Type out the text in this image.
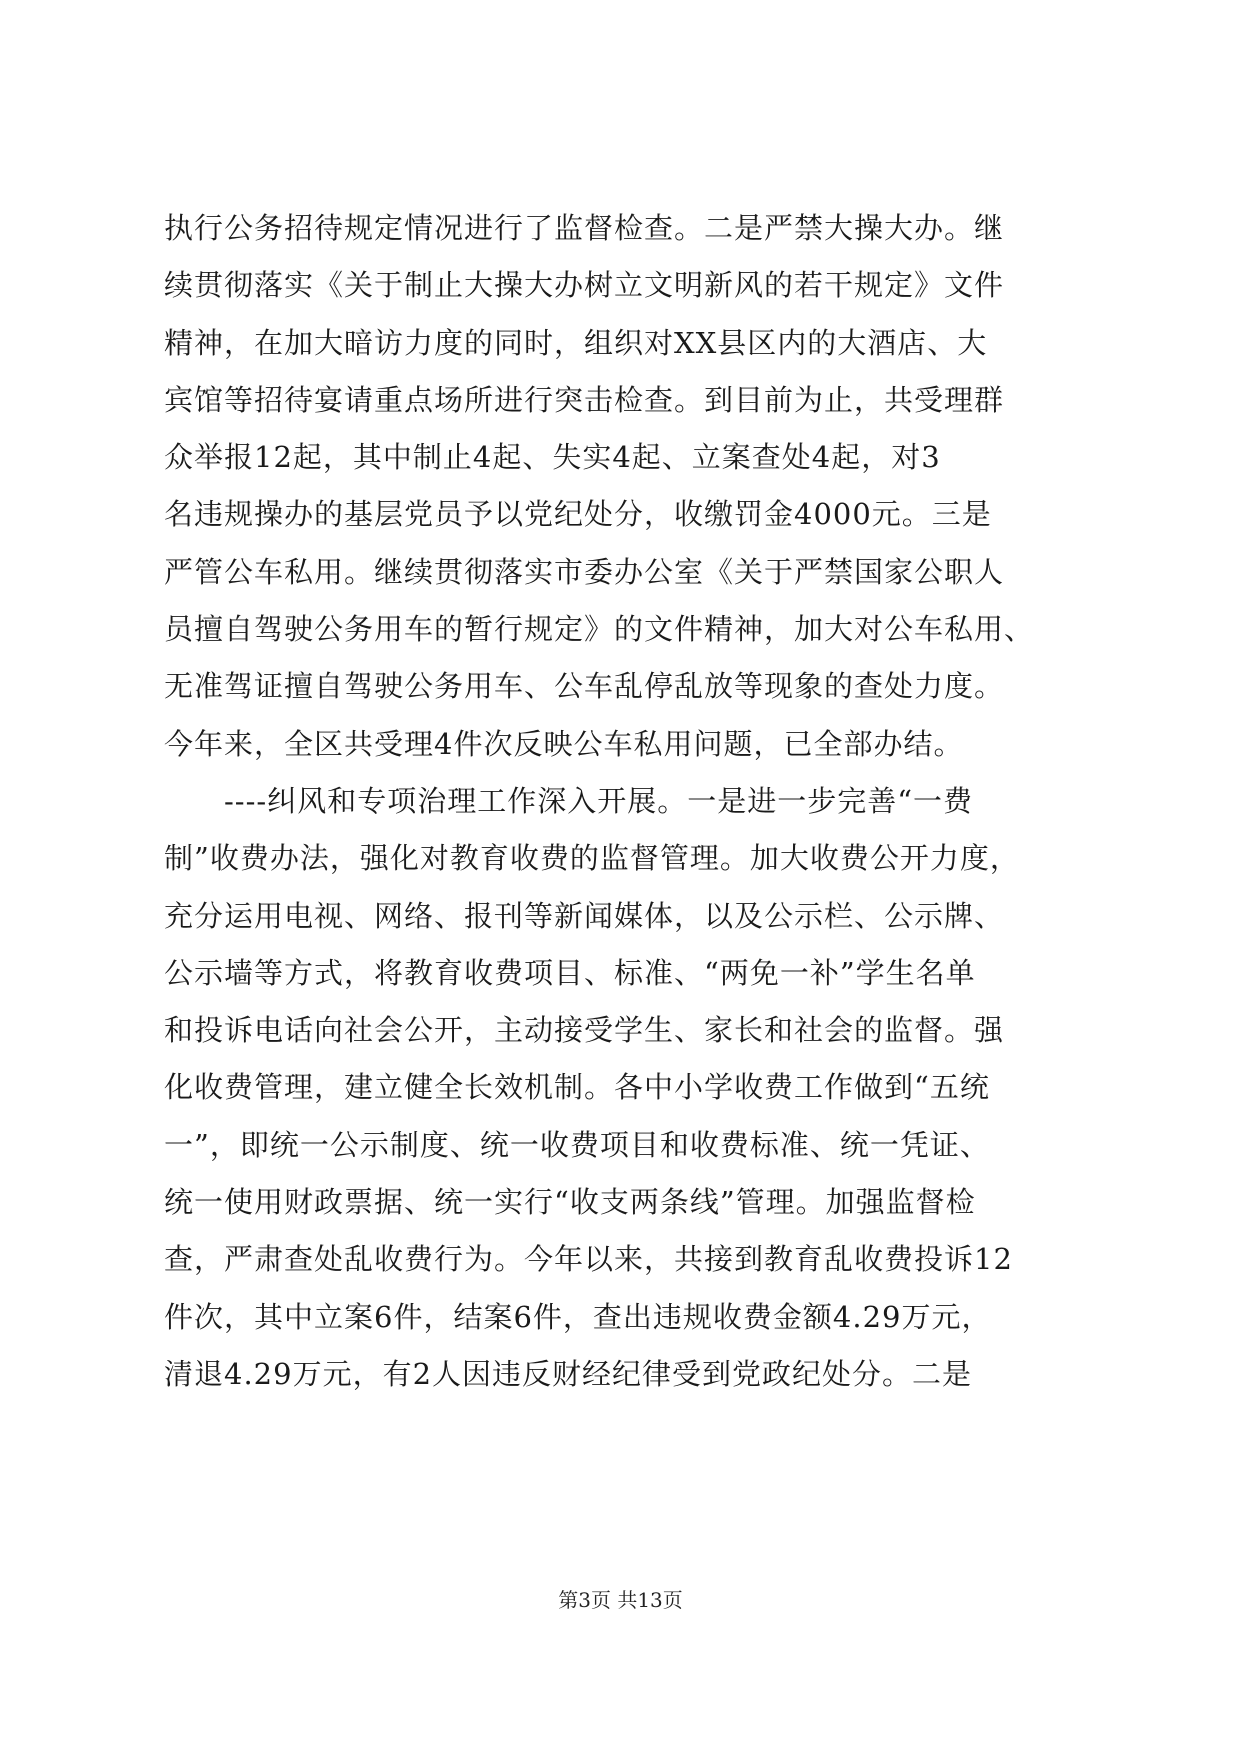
执行公务招待规定情况进行了监督检查。二是严禁大操大办。继
续贯彻落实《关于制止大操大办树立文明新风的若干规定》文件
精神，在加大暗访力度的同时，组织对XX县区内的大酒店、大
宾馆等招待宴请重点场所进行突击检查。到目前为止，共受理群
众举报12起，其中制止4起、失实4起、立案查处4起，对3
名违规操办的基层党员予以党纪处分，收缴罚金4000元。三是
严管公车私用。继续贯彻落实市委办公室《关于严禁国家公职人
员擅自驾驶公务用车的暂行规定》的文件精神，加大对公车私用、
无准驾证擅自驾驶公务用车、公车乱停乱放等现象的查处力度。
今年来，全区共受理4件次反映公车私用问题，已全部办结。
　　----纠风和专项治理工作深入开展。一是进一步完善“一费
制”收费办法，强化对教育收费的监督管理。加大收费公开力度，
充分运用电视、网络、报刊等新闻媒体，以及公示栏、公示牌、
公示墙等方式，将教育收费项目、标准、“两免一补”学生名单
和投诉电话向社会公开，主动接受学生、家长和社会的监督。强
化收费管理，建立健全长效机制。各中小学收费工作做到“五统
一”，即统一公示制度、统一收费项目和收费标准、统一凭证、
统一使用财政票据、统一实行“收支两条线”管理。加强监督检
查，严肃查处乱收费行为。今年以来，共接到教育乱收费投诉12
件次，其中立案6件，结案6件，查出违规收费金额4.29万元，
清退4.29万元，有2人因违反财经纪律受到党政纪处分。二是
第3页 共13页
